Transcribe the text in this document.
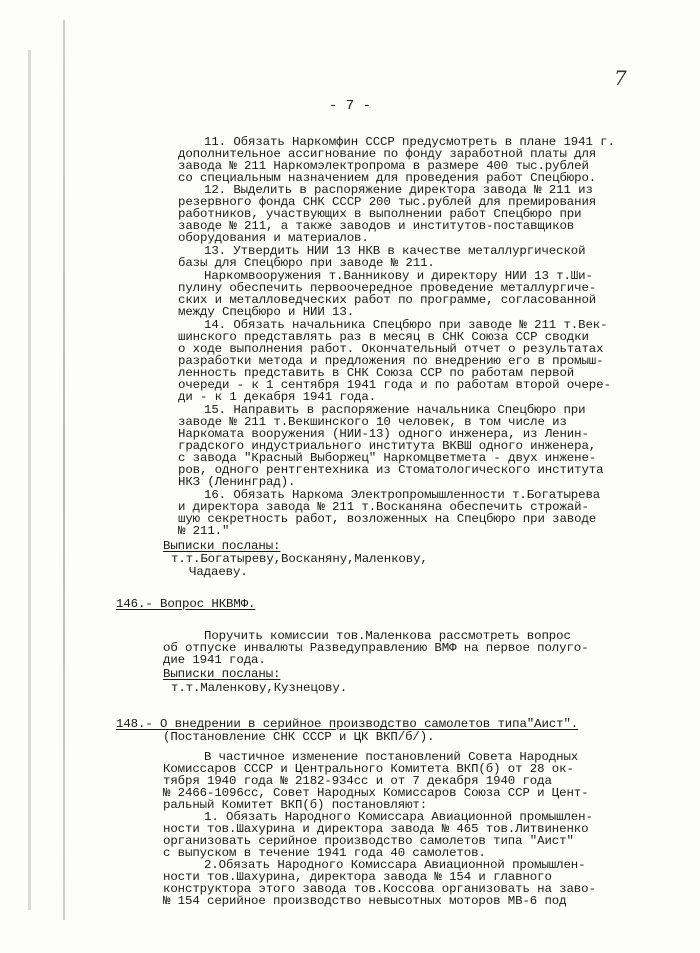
7
- 7 -
11. Обязать Наркомфин СССР предусмотреть в плане 1941 г.
дополнительное ассигнование по фонду заработной платы для
завода № 211 Наркомэлектропрома в размере 400 тыс.рублей
со специальным назначением для проведения работ Спецбюро.
12. Выделить в распоряжение директора завода № 211 из
резервного фонда СНК СССР 200 тыс.рублей для премирования
работников, участвующих в выполнении работ Спецбюро при
заводе № 211, а также заводов и институтов-поставщиков
оборудования и материалов.
13. Утвердить НИИ 13 НКВ в качестве металлургической
базы для Спецбюро при заводе № 211.
Наркомвооружения т.Ванникову и директору НИИ 13 т.Ши-
пулину обеспечить первоочередное проведение металлургиче-
ских и металловедческих работ по программе, согласованной
между Спецбюро и НИИ 13.
14. Обязать начальника Спецбюро при заводе № 211 т.Век-
шинского представлять раз в месяц в СНК Союза ССР сводки
о ходе выполнения работ. Окончательный отчет о результатах
разработки метода и предложения по внедрению его в промыш-
ленность представить в СНК Союза ССР по работам первой
очереди - к 1 сентября 1941 года и по работам второй очере-
ди - к 1 декабря 1941 года.
15. Направить в распоряжение начальника Спецбюро при
заводе № 211 т.Векшинского 10 человек, в том числе из
Наркомата вооружения (НИИ-13) одного инженера, из Ленин-
градского индустриального института ВКВШ одного инженера,
с завода "Красный Выборжец" Наркомцветмета - двух инжене-
ров, одного рентгентехника из Стоматологического института
НКЗ (Ленинград).
16. Обязать Наркома Электропромышленности т.Богатырева
и директора завода № 211 т.Восканяна обеспечить строжай-
шую секретность работ, возложенных на Спецбюро при заводе
№ 211."
Выписки посланы:
т.т.Богатыреву,Восканяну,Маленкову,
Чадаеву.
146.- Вопрос НКВМФ.
Поручить комиссии тов.Маленкова рассмотреть вопрос
об отпуске инвалюты Разведуправлению ВМФ на первое полуго-
дие 1941 года.
Выписки посланы:
т.т.Маленкову,Кузнецову.
148.- О внедрении в серийное производство самолетов типа"Аист".
(Постановление СНК СССР и ЦК ВКП/б/).
В частичное изменение постановлений Совета Народных
Комиссаров СССР и Центрального Комитета ВКП(б) от 28 ок-
тября 1940 года № 2182-934сс и от 7 декабря 1940 года
№ 2466-1096сс, Совет Народных Комиссаров Союза ССР и Цент-
ральный Комитет ВКП(б) постановляют:
1. Обязать Народного Комиссара Авиационной промышлен-
ности тов.Шахурина и директора завода № 465 тов.Литвиненко
организовать серийное производство самолетов типа "Аист"
с выпуском в течение 1941 года 40 самолетов.
2.Обязать Народного Комиссара Авиационной промышлен-
ности тов.Шахурина, директора завода № 154 и главного
конструктора этого завода тов.Коссова организовать на заво-
№ 154 серийное производство невысотных моторов МВ-6 под
